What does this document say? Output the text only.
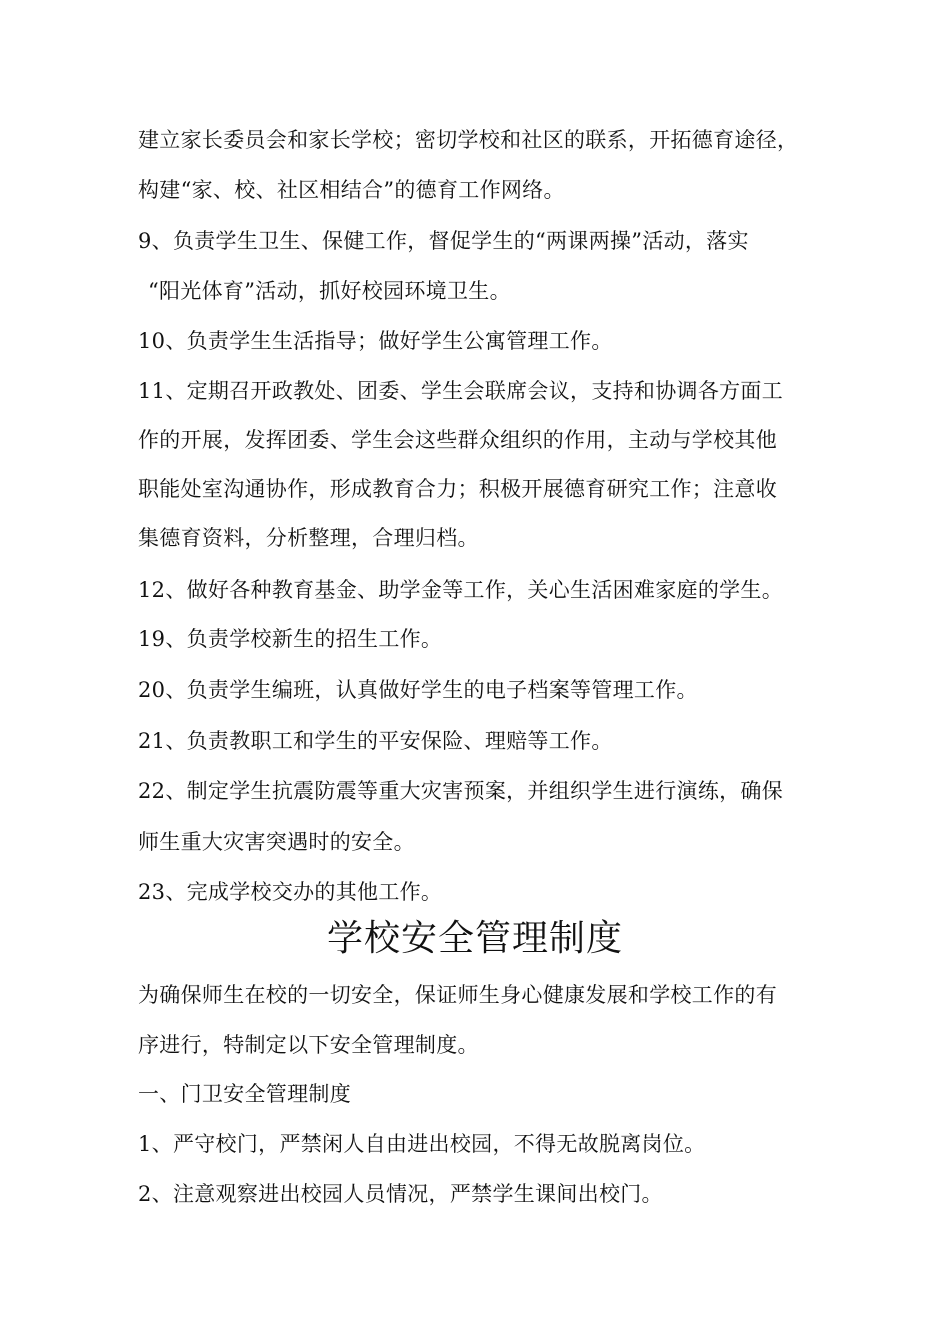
建立家长委员会和家长学校；密切学校和社区的联系，开拓德育途径，
构建“家、校、社区相结合”的德育工作网络。
9、负责学生卫生、保健工作，督促学生的“两课两操”活动，落实
“阳光体育”活动，抓好校园环境卫生。
10、负责学生生活指导；做好学生公寓管理工作。
11、定期召开政教处、团委、学生会联席会议，支持和协调各方面工
作的开展，发挥团委、学生会这些群众组织的作用，主动与学校其他
职能处室沟通协作，形成教育合力；积极开展德育研究工作；注意收
集德育资料，分析整理，合理归档。
12、做好各种教育基金、助学金等工作，关心生活困难家庭的学生。
19、负责学校新生的招生工作。
20、负责学生编班，认真做好学生的电子档案等管理工作。
21、负责教职工和学生的平安保险、理赔等工作。
22、制定学生抗震防震等重大灾害预案，并组织学生进行演练，确保
师生重大灾害突遇时的安全。
23、完成学校交办的其他工作。
学校安全管理制度
为确保师生在校的一切安全，保证师生身心健康发展和学校工作的有
序进行，特制定以下安全管理制度。
一、门卫安全管理制度
1、严守校门，严禁闲人自由进出校园，不得无故脱离岗位。
2、注意观察进出校园人员情况，严禁学生课间出校门。
